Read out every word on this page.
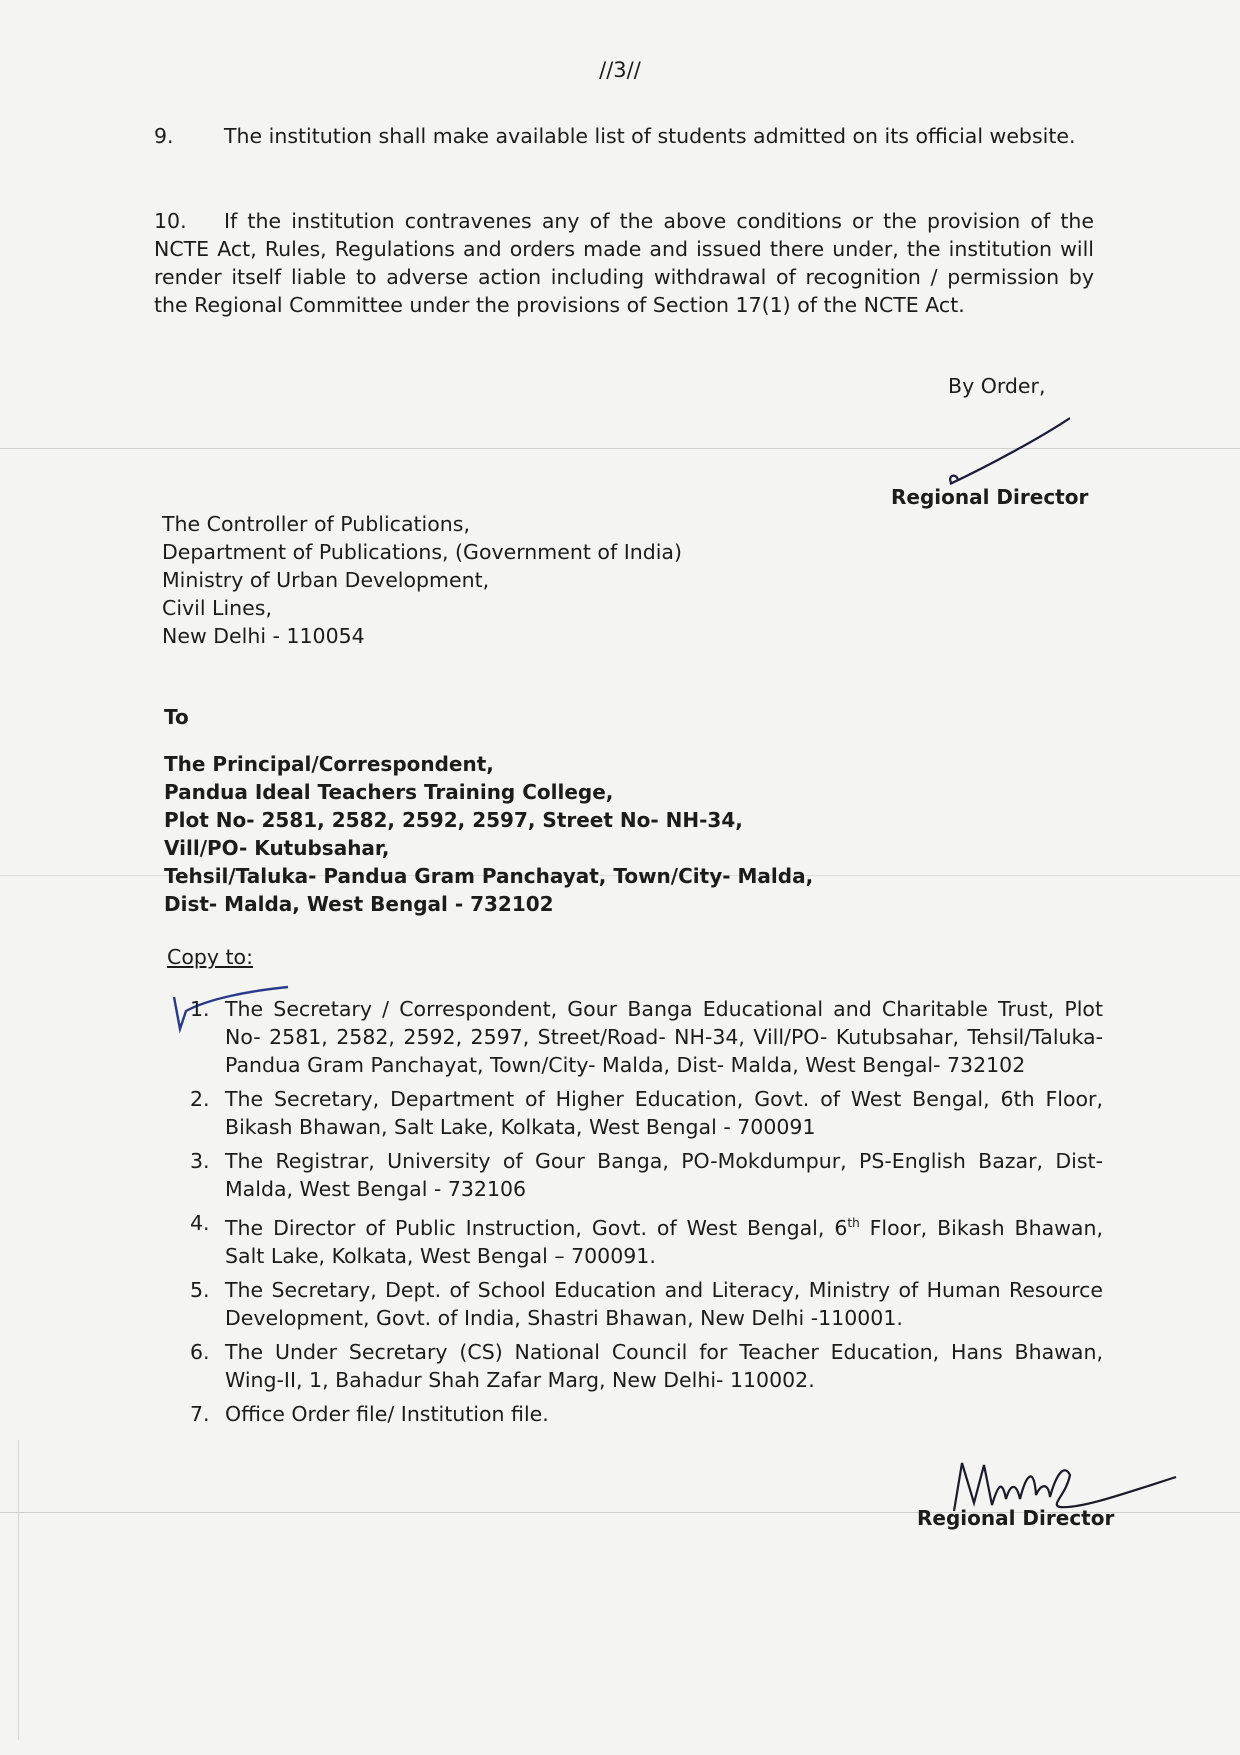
//3//
9. The institution shall make available list of students admitted on its official website.
10. If the institution contravenes any of the above conditions or the provision of the NCTE Act, Rules, Regulations and orders made and issued there under, the institution will render itself liable to adverse action including withdrawal of recognition / permission by the Regional Committee under the provisions of Section 17(1) of the NCTE Act.
By Order,
Regional Director
The Controller of Publications,
Department of Publications, (Government of India)
Ministry of Urban Development,
Civil Lines,
New Delhi - 110054
To
The Principal/Correspondent,
Pandua Ideal Teachers Training College,
Plot No- 2581, 2582, 2592, 2597, Street No- NH-34,
Vill/PO- Kutubsahar,
Tehsil/Taluka- Pandua Gram Panchayat, Town/City- Malda,
Dist- Malda, West Bengal - 732102
Copy to:
1. The Secretary / Correspondent, Gour Banga Educational and Charitable Trust, Plot No- 2581, 2582, 2592, 2597, Street/Road- NH-34, Vill/PO- Kutubsahar, Tehsil/Taluka- Pandua Gram Panchayat, Town/City- Malda, Dist- Malda, West Bengal- 732102
2. The Secretary, Department of Higher Education, Govt. of West Bengal, 6th Floor, Bikash Bhawan, Salt Lake, Kolkata, West Bengal - 700091
3. The Registrar, University of Gour Banga, PO-Mokdumpur, PS-English Bazar, Dist-Malda, West Bengal - 732106
4. The Director of Public Instruction, Govt. of West Bengal, 6th Floor, Bikash Bhawan, Salt Lake, Kolkata, West Bengal – 700091.
5. The Secretary, Dept. of School Education and Literacy, Ministry of Human Resource Development, Govt. of India, Shastri Bhawan, New Delhi -110001.
6. The Under Secretary (CS) National Council for Teacher Education, Hans Bhawan, Wing-II, 1, Bahadur Shah Zafar Marg, New Delhi- 110002.
7. Office Order file/ Institution file.
Regional Director
